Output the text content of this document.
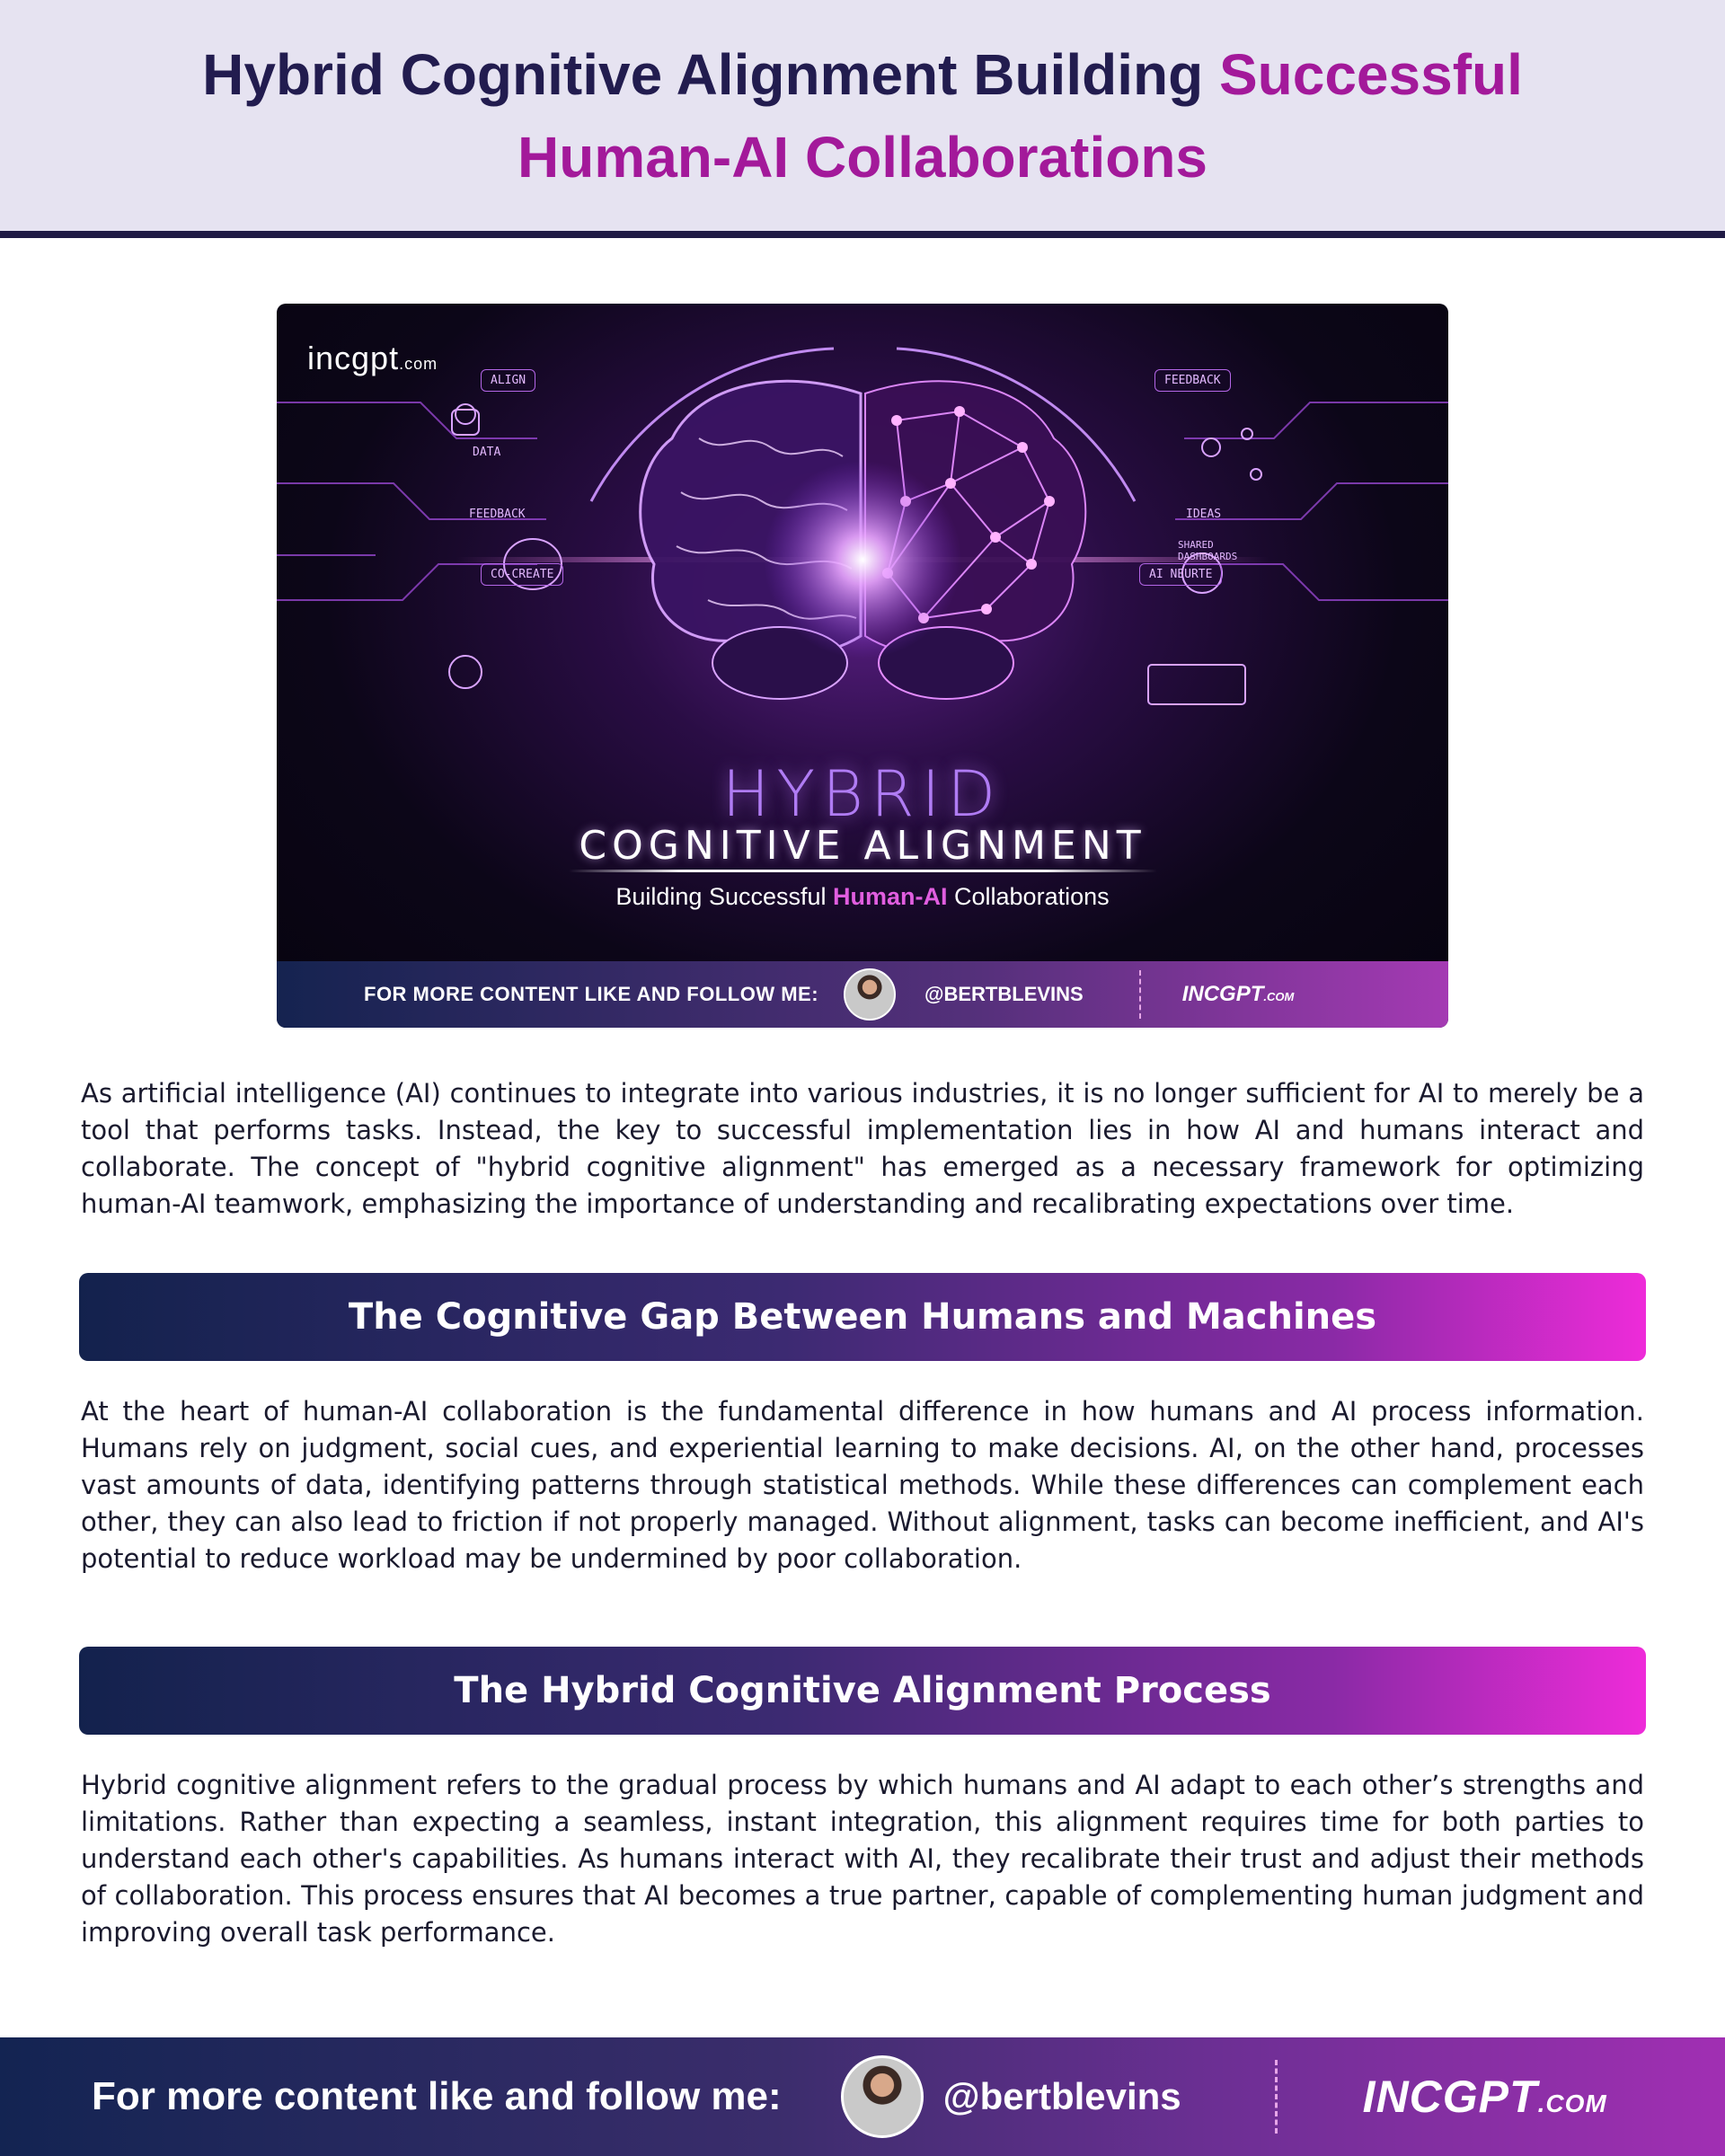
Hybrid Cognitive Alignment Building Successful
Human-AI Collaborations
incgpt.com
ALIGN	FEEDBACK
DATA
FEEDBACK	IDEAS
SHARED
DASHBOARDS
CO-CREATE	AI NEURTE
HYBRID
COGNITIVE ALIGNMENT
Building Successful Human-AI Collaborations
FOR MORE CONTENT LIKE AND FOLLOW ME:	@BERTBLEVINS	INCGPT.COM

As artificial intelligence (AI) continues to integrate into various industries, it is no longer sufficient for AI to merely be a tool that performs tasks. Instead, the key to successful implementation lies in how AI and humans interact and collaborate. The concept of "hybrid cognitive alignment" has emerged as a necessary framework for optimizing human-AI teamwork, emphasizing the importance of understanding and recalibrating expectations over time.

The Cognitive Gap Between Humans and Machines

At the heart of human-AI collaboration is the fundamental difference in how humans and AI process information. Humans rely on judgment, social cues, and experiential learning to make decisions. AI, on the other hand, processes vast amounts of data, identifying patterns through statistical methods. While these differences can complement each other, they can also lead to friction if not properly managed. Without alignment, tasks can become inefficient, and AI's potential to reduce workload may be undermined by poor collaboration.

The Hybrid Cognitive Alignment Process

Hybrid cognitive alignment refers to the gradual process by which humans and AI adapt to each other’s strengths and limitations. Rather than expecting a seamless, instant integration, this alignment requires time for both parties to understand each other's capabilities. As humans interact with AI, they recalibrate their trust and adjust their methods of collaboration. This process ensures that AI becomes a true partner, capable of complementing human judgment and improving overall task performance.

For more content like and follow me:	@bertblevins	INCGPT.COM
